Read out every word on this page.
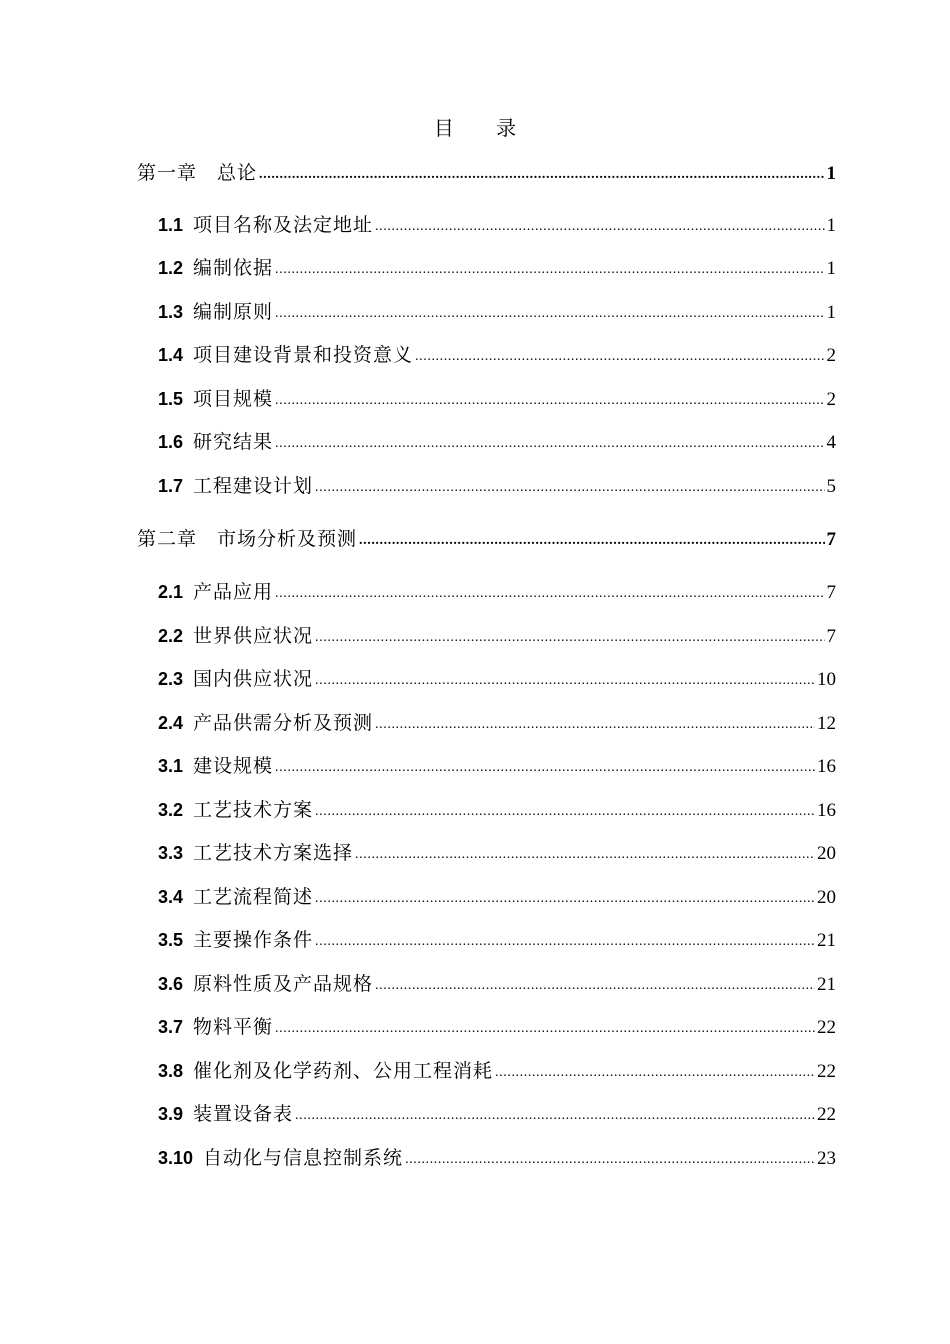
目 录
第一章　总论 .....	1
1.1 项目名称及法定地址 .....	1
1.2 编制依据 .....	1
1.3 编制原则 .....	1
1.4 项目建设背景和投资意义 .....	2
1.5 项目规模 .....	2
1.6 研究结果 .....	4
1.7 工程建设计划 .....	5
第二章　市场分析及预测 .....	7
2.1 产品应用 .....	7
2.2 世界供应状况 .....	7
2.3 国内供应状况 .....	10
2.4 产品供需分析及预测 .....	12
3.1 建设规模 .....	16
3.2 工艺技术方案 .....	16
3.3 工艺技术方案选择 .....	20
3.4 工艺流程简述 .....	20
3.5 主要操作条件 .....	21
3.6 原料性质及产品规格 .....	21
3.7 物料平衡 .....	22
3.8 催化剂及化学药剂、公用工程消耗 .....	22
3.9 装置设备表 .....	22
3.10 自动化与信息控制系统 .....	23
